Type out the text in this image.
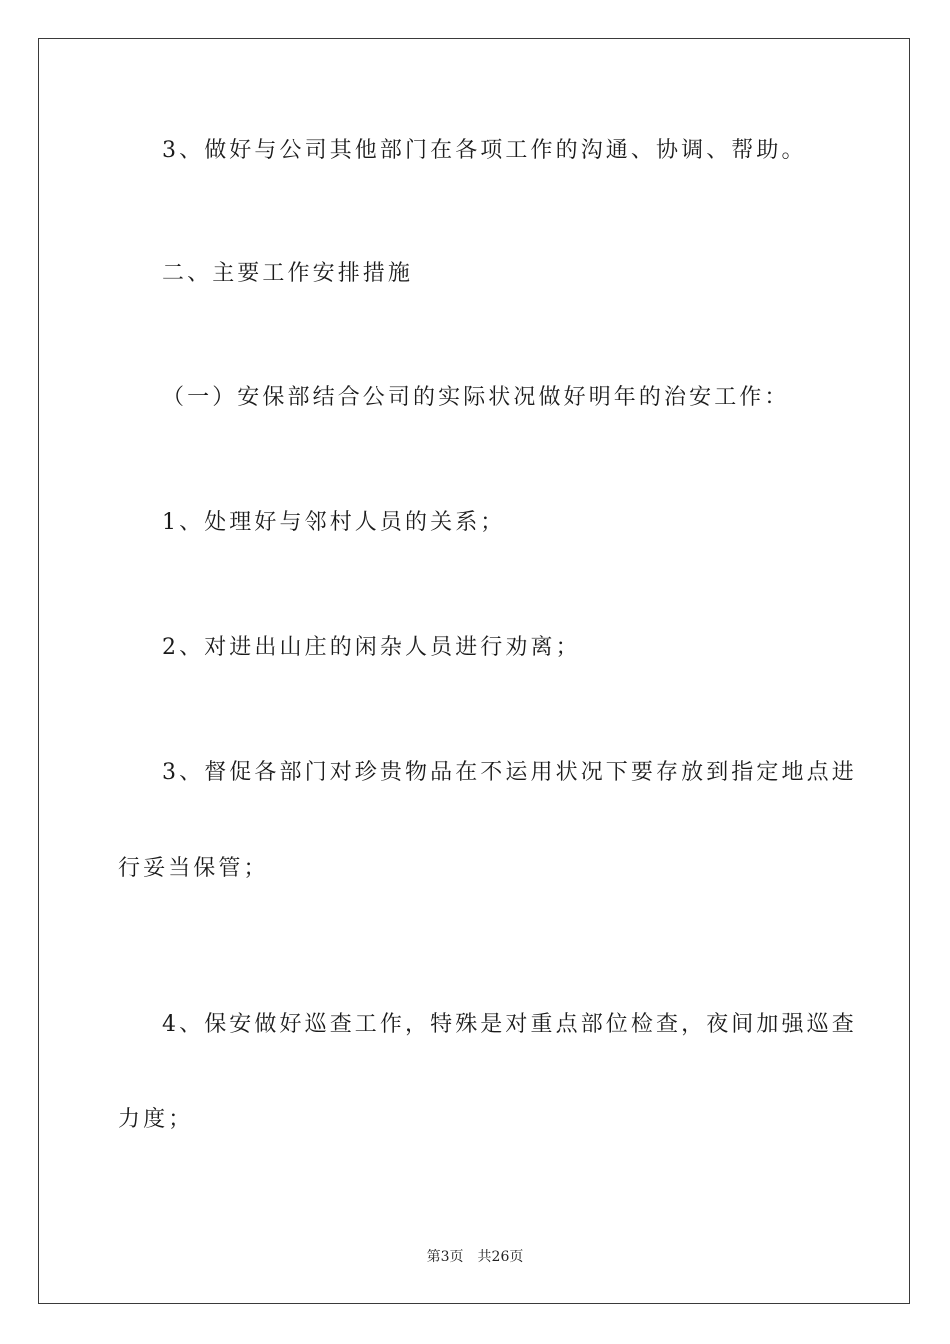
3、做好与公司其他部门在各项工作的沟通、协调、帮助。

二、主要工作安排措施

（一）安保部结合公司的实际状况做好明年的治安工作：

1、处理好与邻村人员的关系；

2、对进出山庄的闲杂人员进行劝离；

3、督促各部门对珍贵物品在不运用状况下要存放到指定地点进

行妥当保管；

4、保安做好巡查工作，特殊是对重点部位检查，夜间加强巡查

力度；

第3页 共26页
